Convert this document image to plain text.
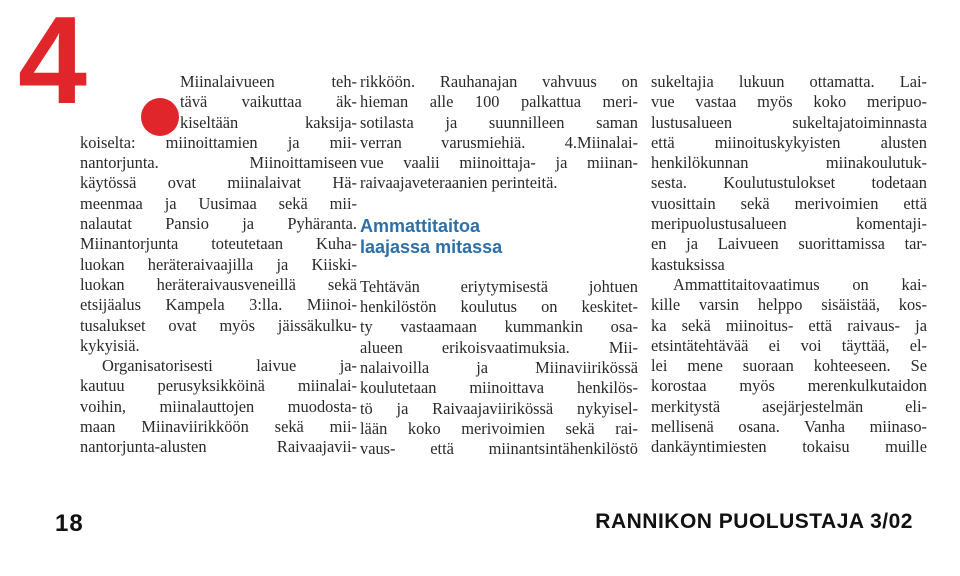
4	Miinalaivueen teh-

tävä vaikuttaa äk-

kiseltään kaksija-

koiselta: miinoittamien ja mii-

nantorjunta. Miinoittamiseen

käytössä ovat miinalaivat Hä-

meenmaa ja Uusimaa sekä mii-

nalautat Pansio ja Pyhäranta.

Miinantorjunta toteutetaan Kuha-

luokan heräteraivaajilla ja Kiiski-

luokan heräteraivausveneillä sekä

etsijäalus Kampela 3:lla. Miinoi-

tusalukset ovat myös jäissäkulku-

kykyisiä.

Organisatorisesti laivue ja-

kautuu perusyksikköinä miinalai-

voihin, miinalauttojen muodosta-

maan Miinaviirikköön sekä mii-

nantorjunta-alusten Raivaajavii-

rikköön. Rauhanajan vahvuus on

hieman alle 100 palkattua meri-

sotilasta ja suunnilleen saman

verran varusmiehiä. 4.Miinalai-

vue vaalii miinoittaja- ja miinan-

raivaajaveteraanien perinteitä.

Ammattitaitoa
laajassa mitassa

Tehtävän eriytymisestä johtuen

henkilöstön koulutus on keskitet-

ty vastaamaan kummankin osa-

alueen erikoisvaatimuksia. Mii-

nalaivoilla ja Miinaviirikössä

koulutetaan miinoittava henkilös-

tö ja Raivaajaviirikössä nykyisel-

lään koko merivoimien sekä rai-

vaus- että miinantsintähenkilöstö

sukeltajia lukuun ottamatta. Lai-

vue vastaa myös koko meripuo-

lustusalueen sukeltajatoiminnasta

että miinoituskykyisten alusten

henkilökunnan miinakoulutuk-

sesta. Koulutustulokset todetaan

vuosittain sekä merivoimien että

meripuolustusalueen komentaji-

en ja Laivueen suorittamissa tar-

kastuksissa

Ammattitaitovaatimus on kai-

kille varsin helppo sisäistää, kos-

ka sekä miinoitus- että raivaus- ja

etsintätehtävää ei voi täyttää, el-

lei mene suoraan kohteeseen. Se

korostaa myös merenkulkutaidon

merkitystä asejärjestelmän eli-

mellisenä osana. Vanha miinaso-

dankäyntimiesten tokaisu muille

18	RANNIKON PUOLUSTAJA 3/02
